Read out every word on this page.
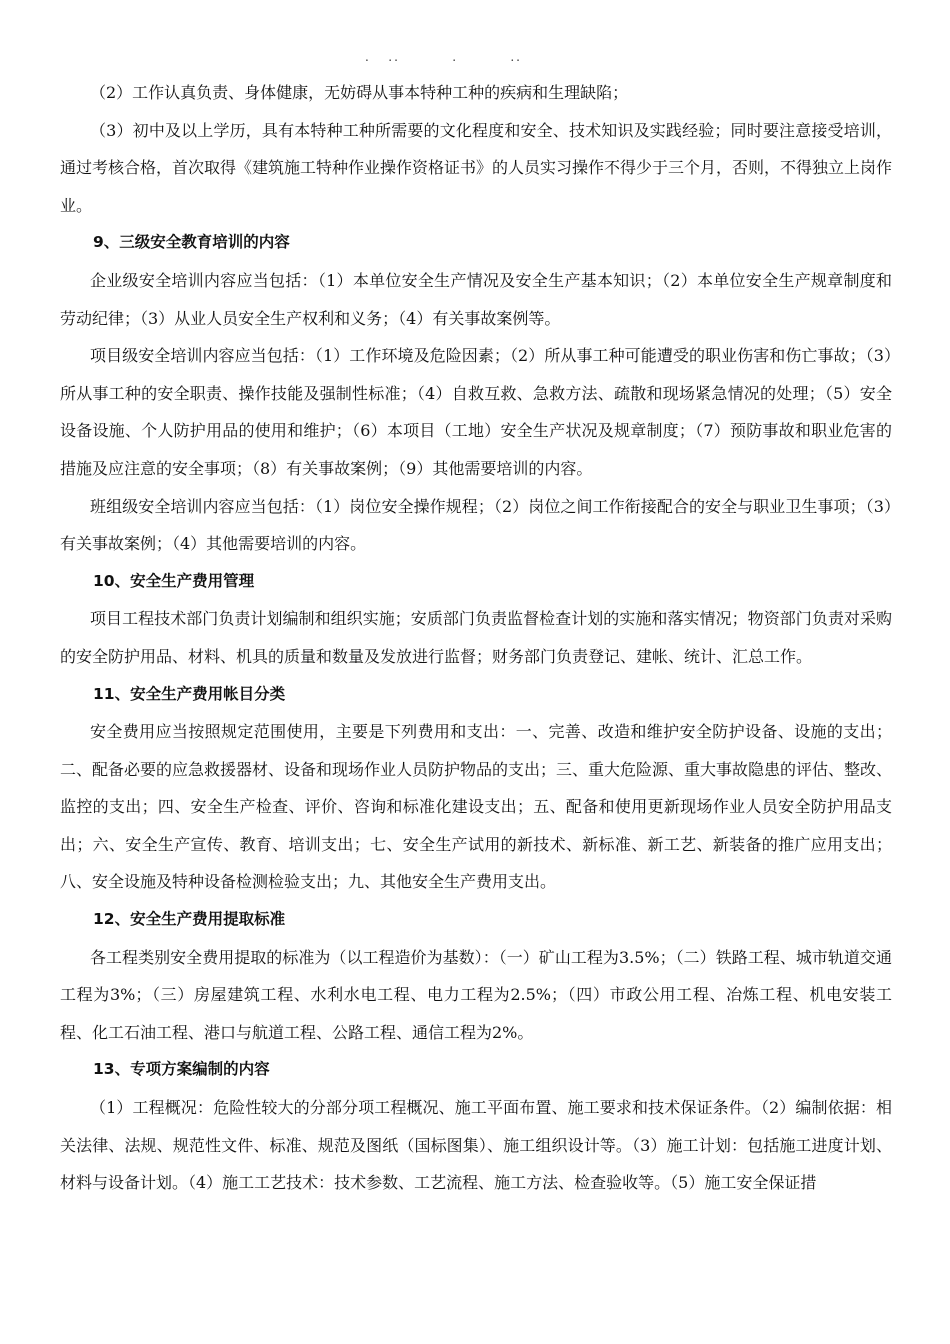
.   ..         .         ..

（2）工作认真负责、身体健康，无妨碍从事本特种工种的疾病和生理缺陷；

（3）初中及以上学历，具有本特种工种所需要的文化程度和安全、技术知识及实践经验；同时要注意接受培训，通过考核合格，首次取得《建筑施工特种作业操作资格证书》的人员实习操作不得少于三个月，否则，不得独立上岗作业。

9、三级安全教育培训的内容

企业级安全培训内容应当包括：（1）本单位安全生产情况及安全生产基本知识；（2）本单位安全生产规章制度和劳动纪律；（3）从业人员安全生产权利和义务；（4）有关事故案例等。

项目级安全培训内容应当包括：（1）工作环境及危险因素；（2）所从事工种可能遭受的职业伤害和伤亡事故；（3）所从事工种的安全职责、操作技能及强制性标准；（4）自救互救、急救方法、疏散和现场紧急情况的处理；（5）安全设备设施、个人防护用品的使用和维护；（6）本项目（工地）安全生产状况及规章制度；（7）预防事故和职业危害的措施及应注意的安全事项；（8）有关事故案例；（9）其他需要培训的内容。

班组级安全培训内容应当包括：（1）岗位安全操作规程；（2）岗位之间工作衔接配合的安全与职业卫生事项；（3）有关事故案例；（4）其他需要培训的内容。

10、安全生产费用管理

项目工程技术部门负责计划编制和组织实施；安质部门负责监督检查计划的实施和落实情况；物资部门负责对采购的安全防护用品、材料、机具的质量和数量及发放进行监督；财务部门负责登记、建帐、统计、汇总工作。

11、安全生产费用帐目分类

安全费用应当按照规定范围使用，主要是下列费用和支出：一、完善、改造和维护安全防护设备、设施的支出；二、配备必要的应急救援器材、设备和现场作业人员防护物品的支出；三、重大危险源、重大事故隐患的评估、整改、监控的支出；四、安全生产检查、评价、咨询和标准化建设支出；五、配备和使用更新现场作业人员安全防护用品支出；六、安全生产宣传、教育、培训支出；七、安全生产试用的新技术、新标准、新工艺、新装备的推广应用支出；八、安全设施及特种设备检测检验支出；九、其他安全生产费用支出。

12、安全生产费用提取标准

各工程类别安全费用提取的标准为（以工程造价为基数）：（一）矿山工程为3.5%；（二）铁路工程、城市轨道交通工程为3%；（三）房屋建筑工程、水利水电工程、电力工程为2.5%；（四）市政公用工程、冶炼工程、机电安装工程、化工石油工程、港口与航道工程、公路工程、通信工程为2%。

13、专项方案编制的内容

（1）工程概况：危险性较大的分部分项工程概况、施工平面布置、施工要求和技术保证条件。（2）编制依据：相关法律、法规、规范性文件、标准、规范及图纸（国标图集）、施工组织设计等。（3）施工计划：包括施工进度计划、材料与设备计划。（4）施工工艺技术：技术参数、工艺流程、施工方法、检查验收等。（5）施工安全保证措
